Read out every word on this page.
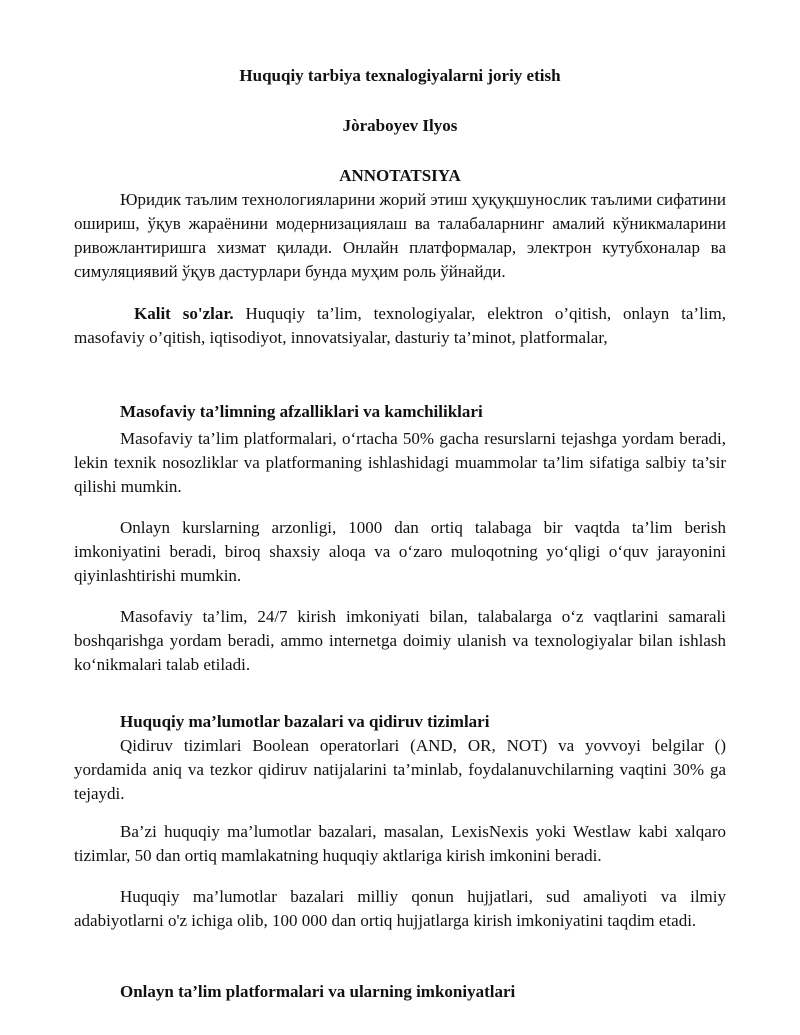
Huquqiy tarbiya texnalogiyalarni joriy etish
Jòraboyev Ilyos
ANNOTATSIYA

Юридик таълим технологияларини жорий этиш ҳуқуқшунослик таълими сифатини ошириш, ўқув жараёнини модернизациялаш ва талабаларнинг амалий кўникмаларини ривожлантиришга хизмат қилади. Онлайн платформалар, электрон кутубхоналар ва симуляциявий ўқув дастурлари бунда муҳим роль ўйнайди.

Kalit so'zlar. Huquqiy ta’lim, texnologiyalar, elektron o’qitish, onlayn ta’lim, masofaviy o’qitish, iqtisodiyot, innovatsiyalar, dasturiy ta’minot, platformalar,

Masofaviy ta’limning afzalliklari va kamchiliklari

Masofaviy ta’lim platformalari, o‘rtacha 50% gacha resurslarni tejashga yordam beradi, lekin texnik nosozliklar va platformaning ishlashidagi muammolar ta’lim sifatiga salbiy ta’sir qilishi mumkin.

Onlayn kurslarning arzonligi, 1000 dan ortiq talabaga bir vaqtda ta’lim berish imkoniyatini beradi, biroq shaxsiy aloqa va o‘zaro muloqotning yo‘qligi o‘quv jarayonini qiyinlashtirishi mumkin.

Masofaviy ta’lim, 24/7 kirish imkoniyati bilan, talabalarga o‘z vaqtlarini samarali boshqarishga yordam beradi, ammo internetga doimiy ulanish va texnologiyalar bilan ishlash ko‘nikmalari talab etiladi.

Huquqiy ma’lumotlar bazalari va qidiruv tizimlari

Qidiruv tizimlari Boolean operatorlari (AND, OR, NOT) va yovvoyi belgilar () yordamida aniq va tezkor qidiruv natijalarini ta’minlab, foydalanuvchilarning vaqtini 30% ga tejaydi.

Ba’zi huquqiy ma’lumotlar bazalari, masalan, LexisNexis yoki Westlaw kabi xalqaro tizimlar, 50 dan ortiq mamlakatning huquqiy aktlariga kirish imkonini beradi.

Huquqiy ma’lumotlar bazalari milliy qonun hujjatlari, sud amaliyoti va ilmiy adabiyotlarni o'z ichiga olib, 100 000 dan ortiq hujjatlarga kirish imkoniyatini taqdim etadi.

Onlayn ta’lim platformalari va ularning imkoniyatlari
